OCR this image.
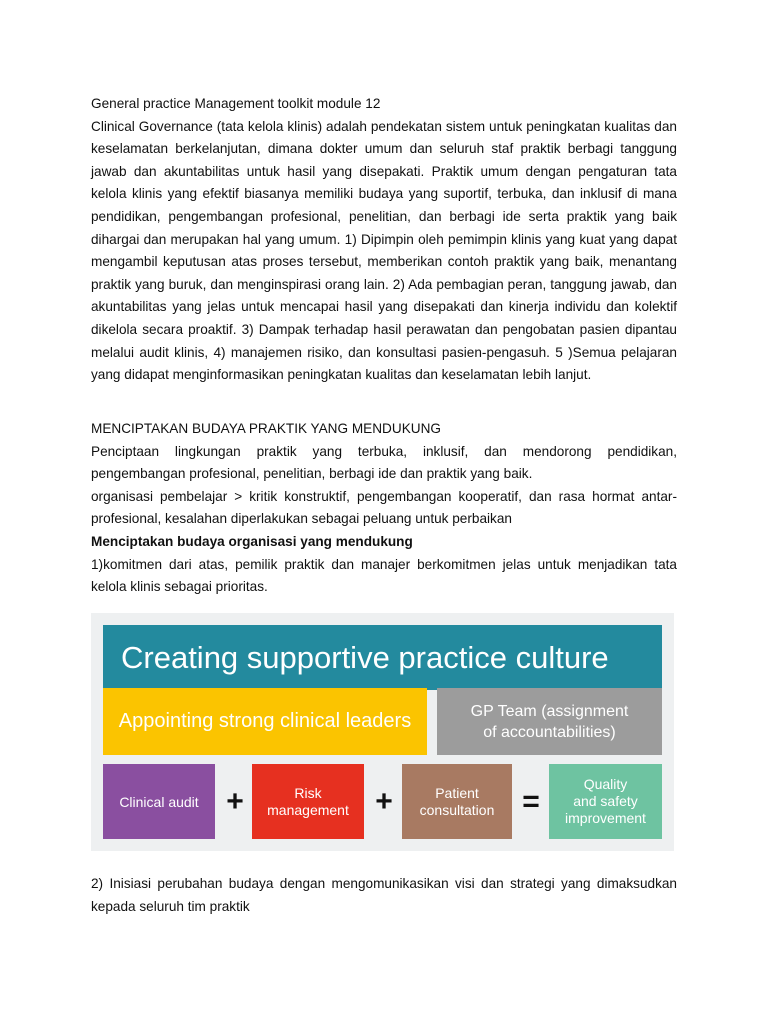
General practice Management toolkit module 12

Clinical Governance (tata kelola klinis) adalah pendekatan sistem untuk peningkatan kualitas dan keselamatan berkelanjutan, dimana dokter umum dan seluruh staf praktik berbagi tanggung jawab dan akuntabilitas untuk hasil yang disepakati. Praktik umum dengan pengaturan tata kelola klinis yang efektif biasanya memiliki budaya yang suportif, terbuka, dan inklusif di mana pendidikan, pengembangan profesional, penelitian, dan berbagi ide serta praktik yang baik dihargai dan merupakan hal yang umum. 1) Dipimpin oleh pemimpin klinis yang kuat yang dapat mengambil keputusan atas proses tersebut, memberikan contoh praktik yang baik, menantang praktik yang buruk, dan menginspirasi orang lain. 2) Ada pembagian peran, tanggung jawab, dan akuntabilitas yang jelas untuk mencapai hasil yang disepakati dan kinerja individu dan kolektif dikelola secara proaktif. 3) Dampak terhadap hasil perawatan dan pengobatan pasien dipantau melalui audit klinis, 4) manajemen risiko, dan konsultasi pasien-pengasuh. 5 )Semua pelajaran yang didapat menginformasikan peningkatan kualitas dan keselamatan lebih lanjut.

MENCIPTAKAN BUDAYA PRAKTIK YANG MENDUKUNG

Penciptaan lingkungan praktik yang terbuka, inklusif, dan mendorong pendidikan, pengembangan profesional, penelitian, berbagi ide dan praktik yang baik.

organisasi pembelajar > kritik konstruktif, pengembangan kooperatif, dan rasa hormat antar-profesional, kesalahan diperlakukan sebagai peluang untuk perbaikan

Menciptakan budaya organisasi yang mendukung

1)komitmen dari atas, pemilik praktik dan manajer berkomitmen jelas untuk menjadikan tata kelola klinis sebagai prioritas.

Creating supportive practice culture
Appointing strong clinical leaders	GP Team (assignment
of accountabilities)
Clinical audit +	Risk
management +	Patient
consultation =
Quality
and safety
improvement

2) Inisiasi perubahan budaya dengan mengomunikasikan visi dan strategi yang dimaksudkan kepada seluruh tim praktik
